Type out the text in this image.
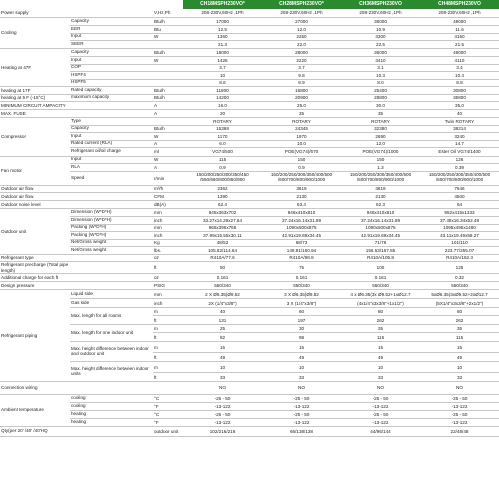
			CH18MSPH230VO*	CH28MSPH230VO*	CH36MSPH230VO	CH48MSPH230VO
Power supply		V,Hz,Ph	208-230V,60Hz ,1Ph	208-230V,60Hz ,1Ph	208-230V,60Hz ,1Ph	208-230V,60Hz ,1Ph
Cooling	Capacity	Btu/h	17000	27000	36000	48000
	EER	Btu	12.5	12.0	10.9	11.6
	Input	W	1360	2250	3300	4150
	SEER		21.3	22.0	22.5	21.5
Heating at 47F	Capacity	Btu/h	18000	28000	36000	48000
	Input	W	1426	2220	3410	4110
	COP		3.7	3.7	3.1	3.4
	HSPF4		10	9.8	10.3	10.4
	HSPF5		8.6	8.9	8.0	8.8
heating at 17F	Rated capacity	Btu/h	11800	16800	25400	30800
heating at 5 F (-15°C)	maximum capacity	Btu/h	14200	20900	28800	35800
MINIMUM CIRCUIT AMPACITY		A	16.0	25.0	30.0	35.0
MAX. FUSE		A	20	25	35	40
Compressor	Type		ROTARY	ROTARY	ROTARY	Twin ROTARY
	Capacity	Btu/h	15368	24345	32380	38214
	Input	W	1170	1970	2690	3240
	Rated current (RLA)	A	6.0	10.0	12.0	14.7
	Refrigerant oil/oil charge	ml	VG74/500	POE(VG74)/670	POE(VG74)/1000	Ester Oil VG74/1400
Fan motor	Input	W	115	150	150	126
	RLA	A	0.9	0.9	1.3	0.39
	Speed	r/min	150/200/250/300/350/450 /550/660/800/850/900	150/200/250/300/350/400/500 /600/700/800/900/1000	150/200/250/300/350/400/500 /600/700/800/900/1000	150/200/250/300/350/400/500 /600/700/800/900/1000
Outdoor air flow		m³/h	2362	3619	3619	7646
Outdoor air flow		CFM	1390	2130	2130	4500
Outdoor noise level		dB(A)	62.4	63.4	62.3	64
Outdoor unit	Dimension (W*D*H)	mm	845x363x702	946x410x810	946x410x810	952x415x1333
	Dimension (W*D*H)	inch	33.27x14.29x27.64	37.24x16.14x31.89	37.24x16.14x31.89	37.48x16.34x52.48
	Packing (W*D*H)	mm	965x395x765	1090x500x875	1090x500x875	1095x495x1480
	Packing (W*D*H)	inch	37.99x15.55x30.11	42.91x19.69x34.45	42.91x19.69x34.45	43.11x19.49x58.27
	Net/Gross weight	Kg	48/52	68/73	71/76	101/110
	Net/Gross weight	lbs.	105.82/114.64	149.91/160.94	156.53/167.55	223.77/255.07
Refrigerant type		oz	R410A/77.6	R410A/98.8	R410A/105.8	R410A/162.3
Refrigerant precharge (Total pipe length)		ft	50	75	100	125
Additional charge for each ft		oz	0.161	0.161	0.161	0.32
Design pressure		PSIG	550/340	550/340	550/340	550/340
Refrigerant piping	Liquid side	mm	2 X Ø6.35(Ø9.52	3 X Ø6.35(Ø9.52	4 x Ø6.35(3x Ø9.52+1xØ12.7	5xØ6.35(3xØ9.52+2xØ12.7
	Gas side	inch	2X (1/4"x3/8")	3 X (1/4"x3/8")	(4x1/4"x3x3/8"+1x1/2")	(5X1/4"x3x3/8"+2x1/2")
	Max. length for all rooms	m	40	60	80	80
		ft	131	197	262	262
	Max. length for one indoor unit	m	25	30	35	35
		ft	82	98	115	115
	Max. height difference between indoor and outdoor unit	m	15	15	15	15
		ft	49	49	49	49
	Max. height difference between indoor units	m	10	10	10	10
		ft	33	33	33	33
Connection wiring			NO	NO	NO	NO
Ambient temperature	cooling	°C	-25 - 50	-25 - 50	-25 - 50	-25 - 50
	cooling	°F	-13-122	-13-122	-13-122	-13-122
	heating	°C	-25 - 50	-25 - 50	-25 - 50	-25 - 50
	heating	°F	-13-122	-13-122	-13-122	-13-122
Qty(per 20' /40' /40'HQ		outdoor unit	102/216/216	66/138/138	44/96/144	22/48/48
